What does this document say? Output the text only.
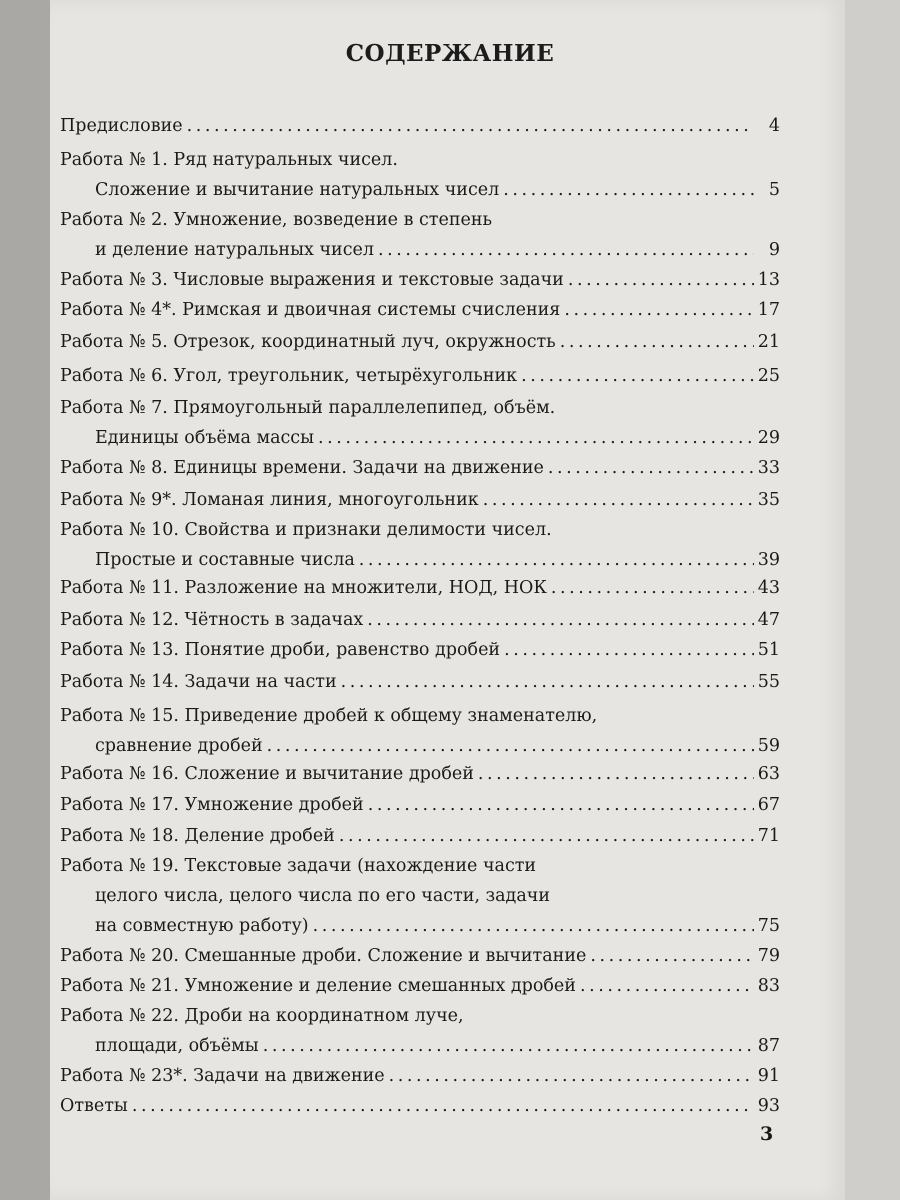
СОДЕРЖАНИЕ
Предисловие . . .	4
Работа № 1. Ряд натуральных чисел.
Сложение и вычитание натуральных чисел . . .	5
Работа № 2. Умножение, возведение в степень
и деление натуральных чисел . . .	9
Работа № 3. Числовые выражения и текстовые задачи . . .	13
Работа № 4*. Римская и двоичная системы счисления . . .	17
Работа № 5. Отрезок, координатный луч, окружность . . .	21
Работа № 6. Угол, треугольник, четырёхугольник . . .	25
Работа № 7. Прямоугольный параллелепипед, объём.
Единицы объёма массы . . .	29
Работа № 8. Единицы времени. Задачи на движение . . .	33
Работа № 9*. Ломаная линия, многоугольник . . .	35
Работа № 10. Свойства и признаки делимости чисел.
Простые и составные числа . . .	39
Работа № 11. Разложение на множители, НОД, НОК . . .	43
Работа № 12. Чётность в задачах . . .	47
Работа № 13. Понятие дроби, равенство дробей . . .	51
Работа № 14. Задачи на части . . .	55
Работа № 15. Приведение дробей к общему знаменателю,
сравнение дробей . . .	59
Работа № 16. Сложение и вычитание дробей . . .	63
Работа № 17. Умножение дробей . . .	67
Работа № 18. Деление дробей . . .	71
Работа № 19. Текстовые задачи (нахождение части
целого числа, целого числа по его части, задачи
на совместную работу) . . .	75
Работа № 20. Смешанные дроби. Сложение и вычитание . . .	79
Работа № 21. Умножение и деление смешанных дробей . . .	83
Работа № 22. Дроби на координатном луче,
площади, объёмы . . .	87
Работа № 23*. Задачи на движение . . .	91
Ответы . . .	93
3
